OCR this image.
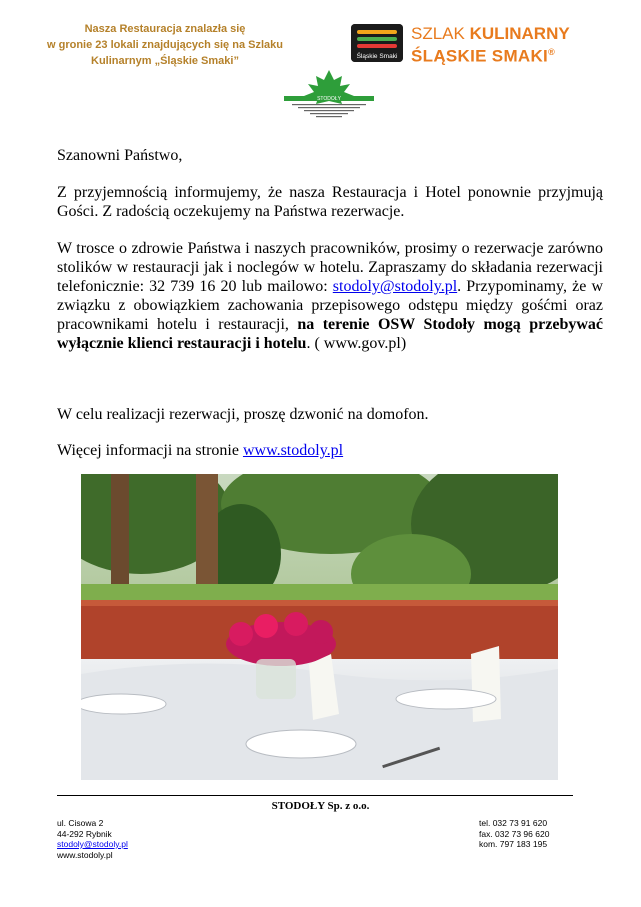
Nasza Restauracja znalazła się
w gronie 23 lokali znajdujących się na Szlaku
Kulinarnym „Śląskie Smaki”	Śląskie Smaki
SZLAK KULINARNY
ŚLĄSKIE SMAKI®
STODOŁY
Szanowni Państwo,
Z przyjemnością informujemy, że nasza Restauracja i Hotel ponownie przyjmują Gości. Z radością oczekujemy na Państwa rezerwacje.
W trosce o zdrowie Państwa i naszych pracowników, prosimy o rezerwacje zarówno stolików w restauracji jak i noclegów w hotelu. Zapraszamy do składania rezerwacji telefonicznie: 32 739 16 20 lub mailowo: stodoly@stodoly.pl. Przypominamy, że w związku z obowiązkiem zachowania przepisowego odstępu między gośćmi oraz pracownikami hotelu i restauracji, na terenie OSW Stodoły mogą przebywać wyłącznie klienci restauracji i hotelu. ( www.gov.pl)
W celu realizacji rezerwacji, proszę dzwonić na domofon.
Więcej informacji na stronie www.stodoly.pl
STODOŁY Sp. z o.o.
ul. Cisowa 2
44-292 Rybnik
stodoly@stodoly.pl
www.stodoly.pl
tel. 032 73 91 620
fax. 032 73 96 620
kom. 797 183 195
